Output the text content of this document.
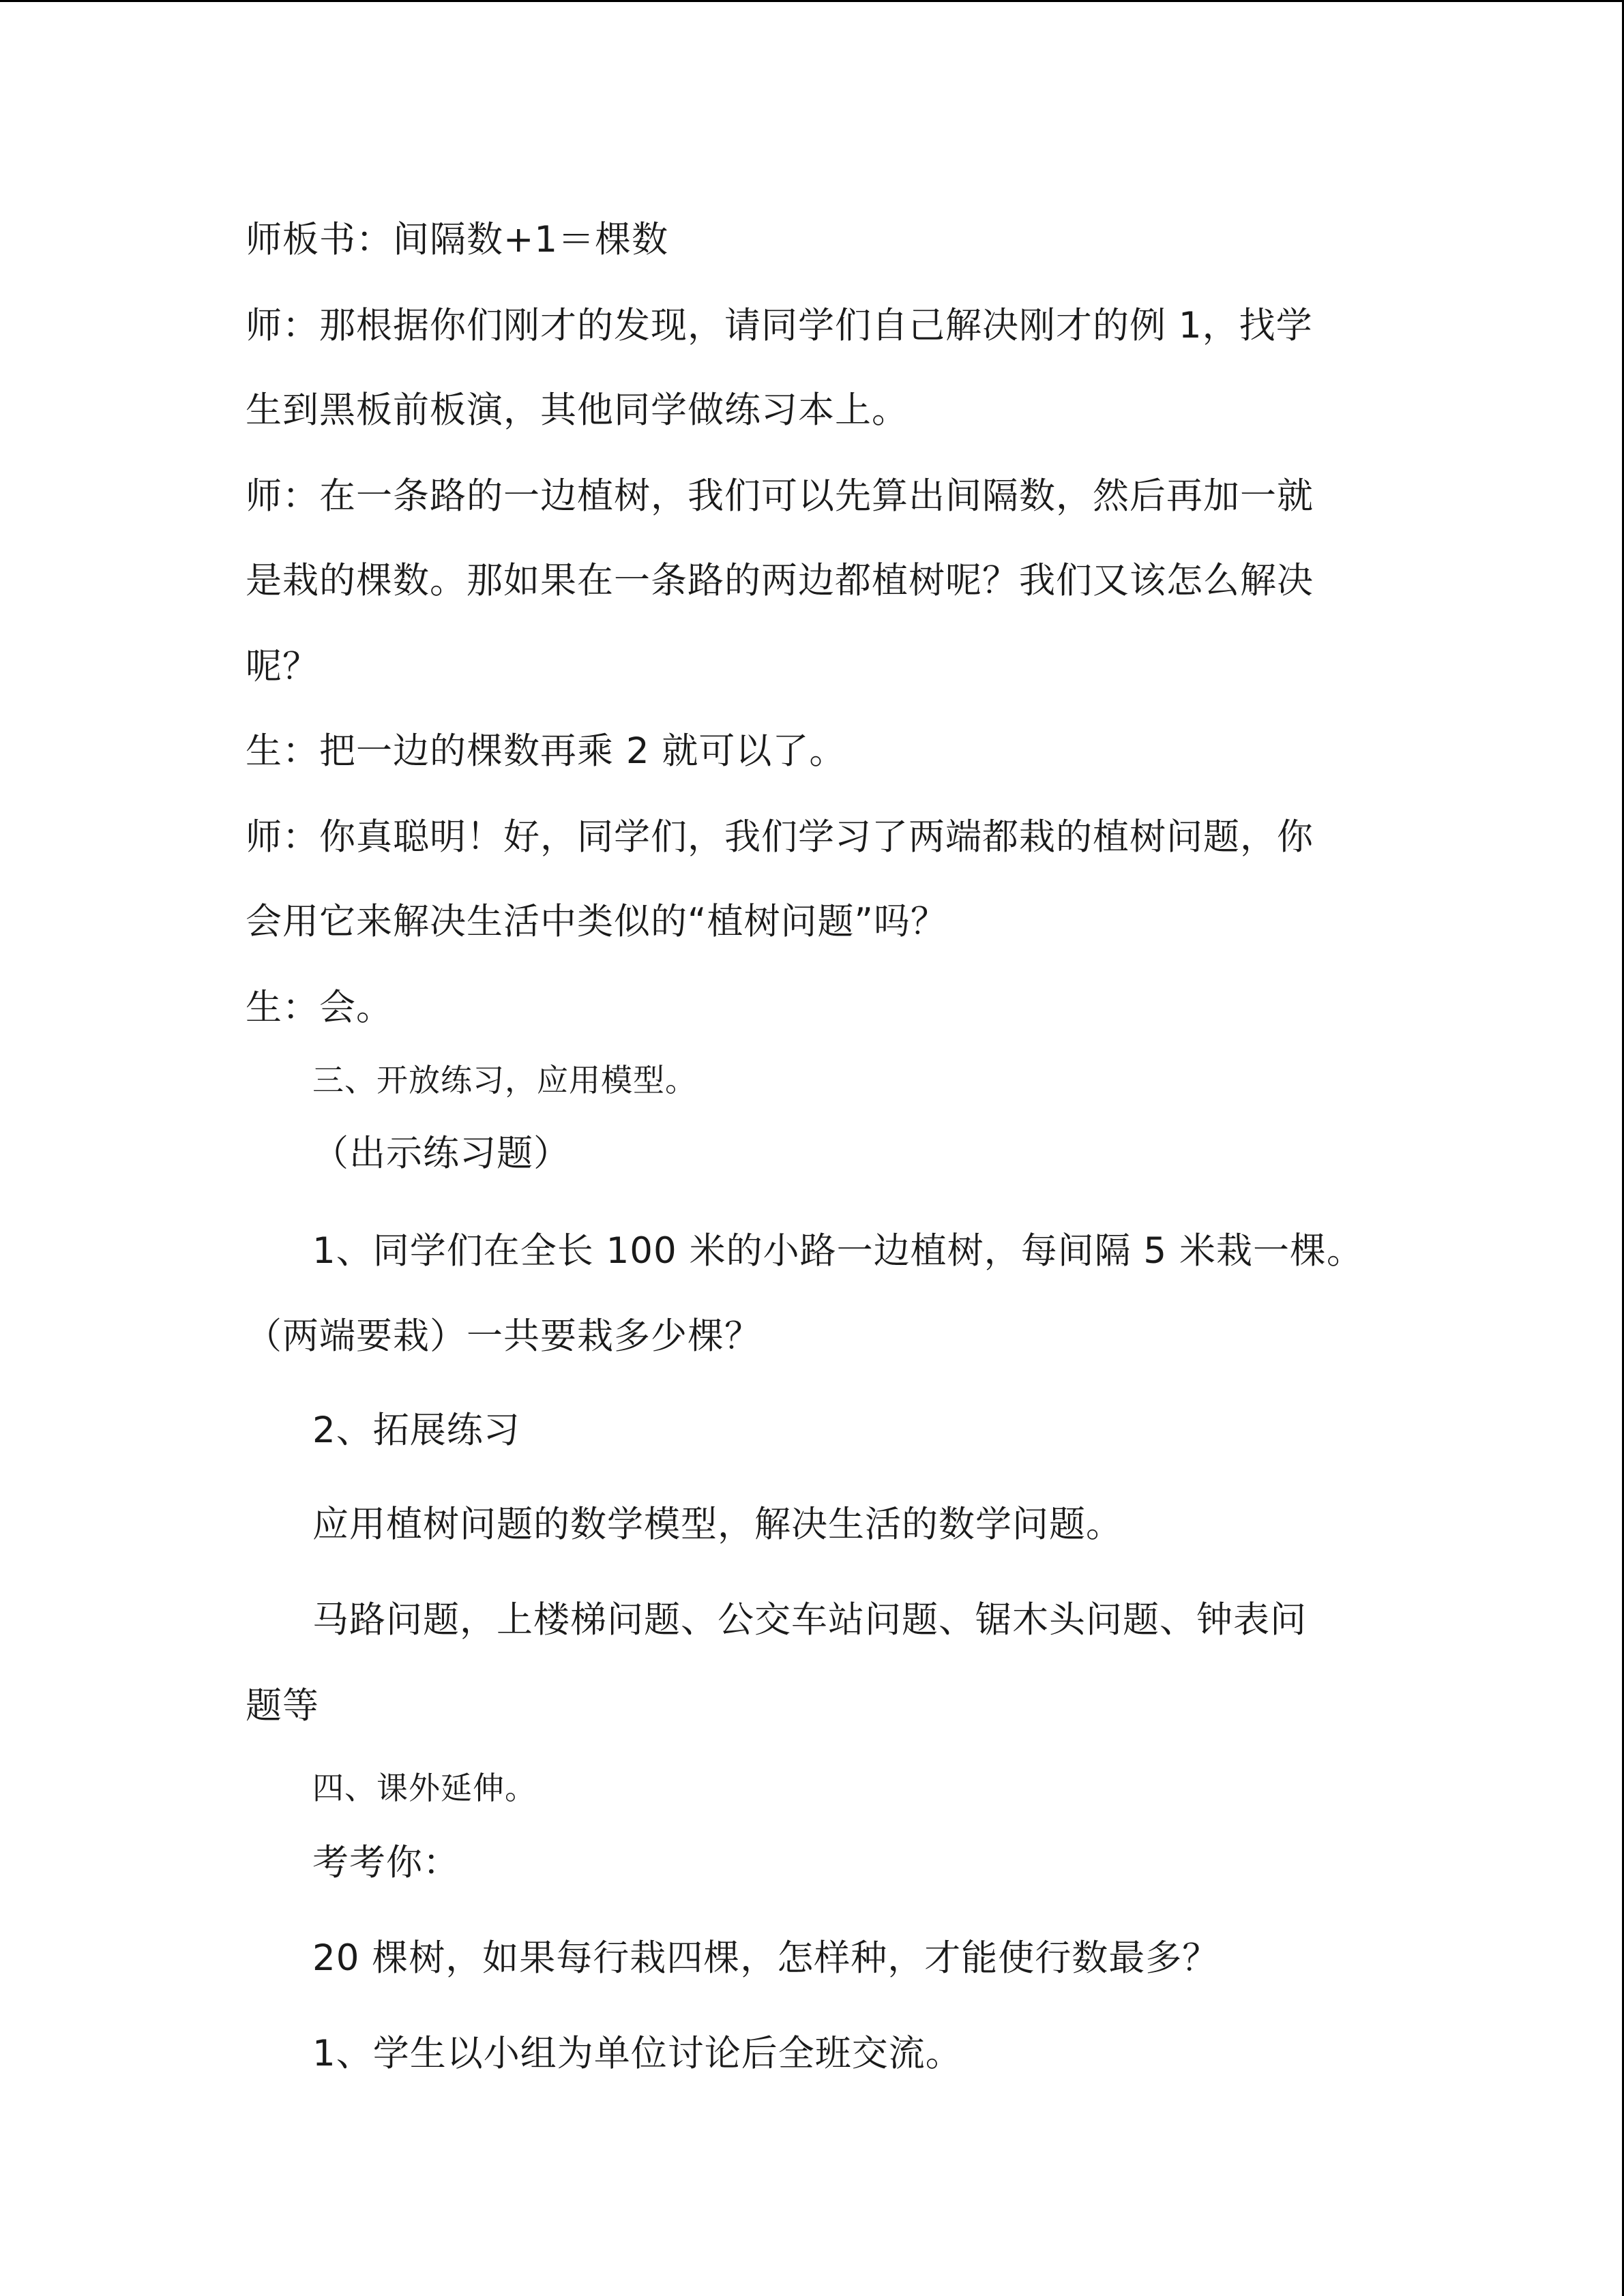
师板书：间隔数+1＝棵数
师：那根据你们刚才的发现，请同学们自己解决刚才的例 1，找学
生到黑板前板演，其他同学做练习本上。
师：在一条路的一边植树，我们可以先算出间隔数，然后再加一就
是栽的棵数。那如果在一条路的两边都植树呢？我们又该怎么解决
呢？
生：把一边的棵数再乘 2 就可以了。
师：你真聪明！好，同学们，我们学习了两端都栽的植树问题，你
会用它来解决生活中类似的“植树问题”吗？
生：会。
三、开放练习，应用模型。
（出示练习题）
1、同学们在全长 100 米的小路一边植树，每间隔 5 米栽一棵。
（两端要栽）一共要栽多少棵？
2、拓展练习
应用植树问题的数学模型，解决生活的数学问题。
马路问题，上楼梯问题、公交车站问题、锯木头问题、钟表问
题等
四、课外延伸。
考考你：
20 棵树，如果每行栽四棵，怎样种，才能使行数最多？
1、学生以小组为单位讨论后全班交流。
